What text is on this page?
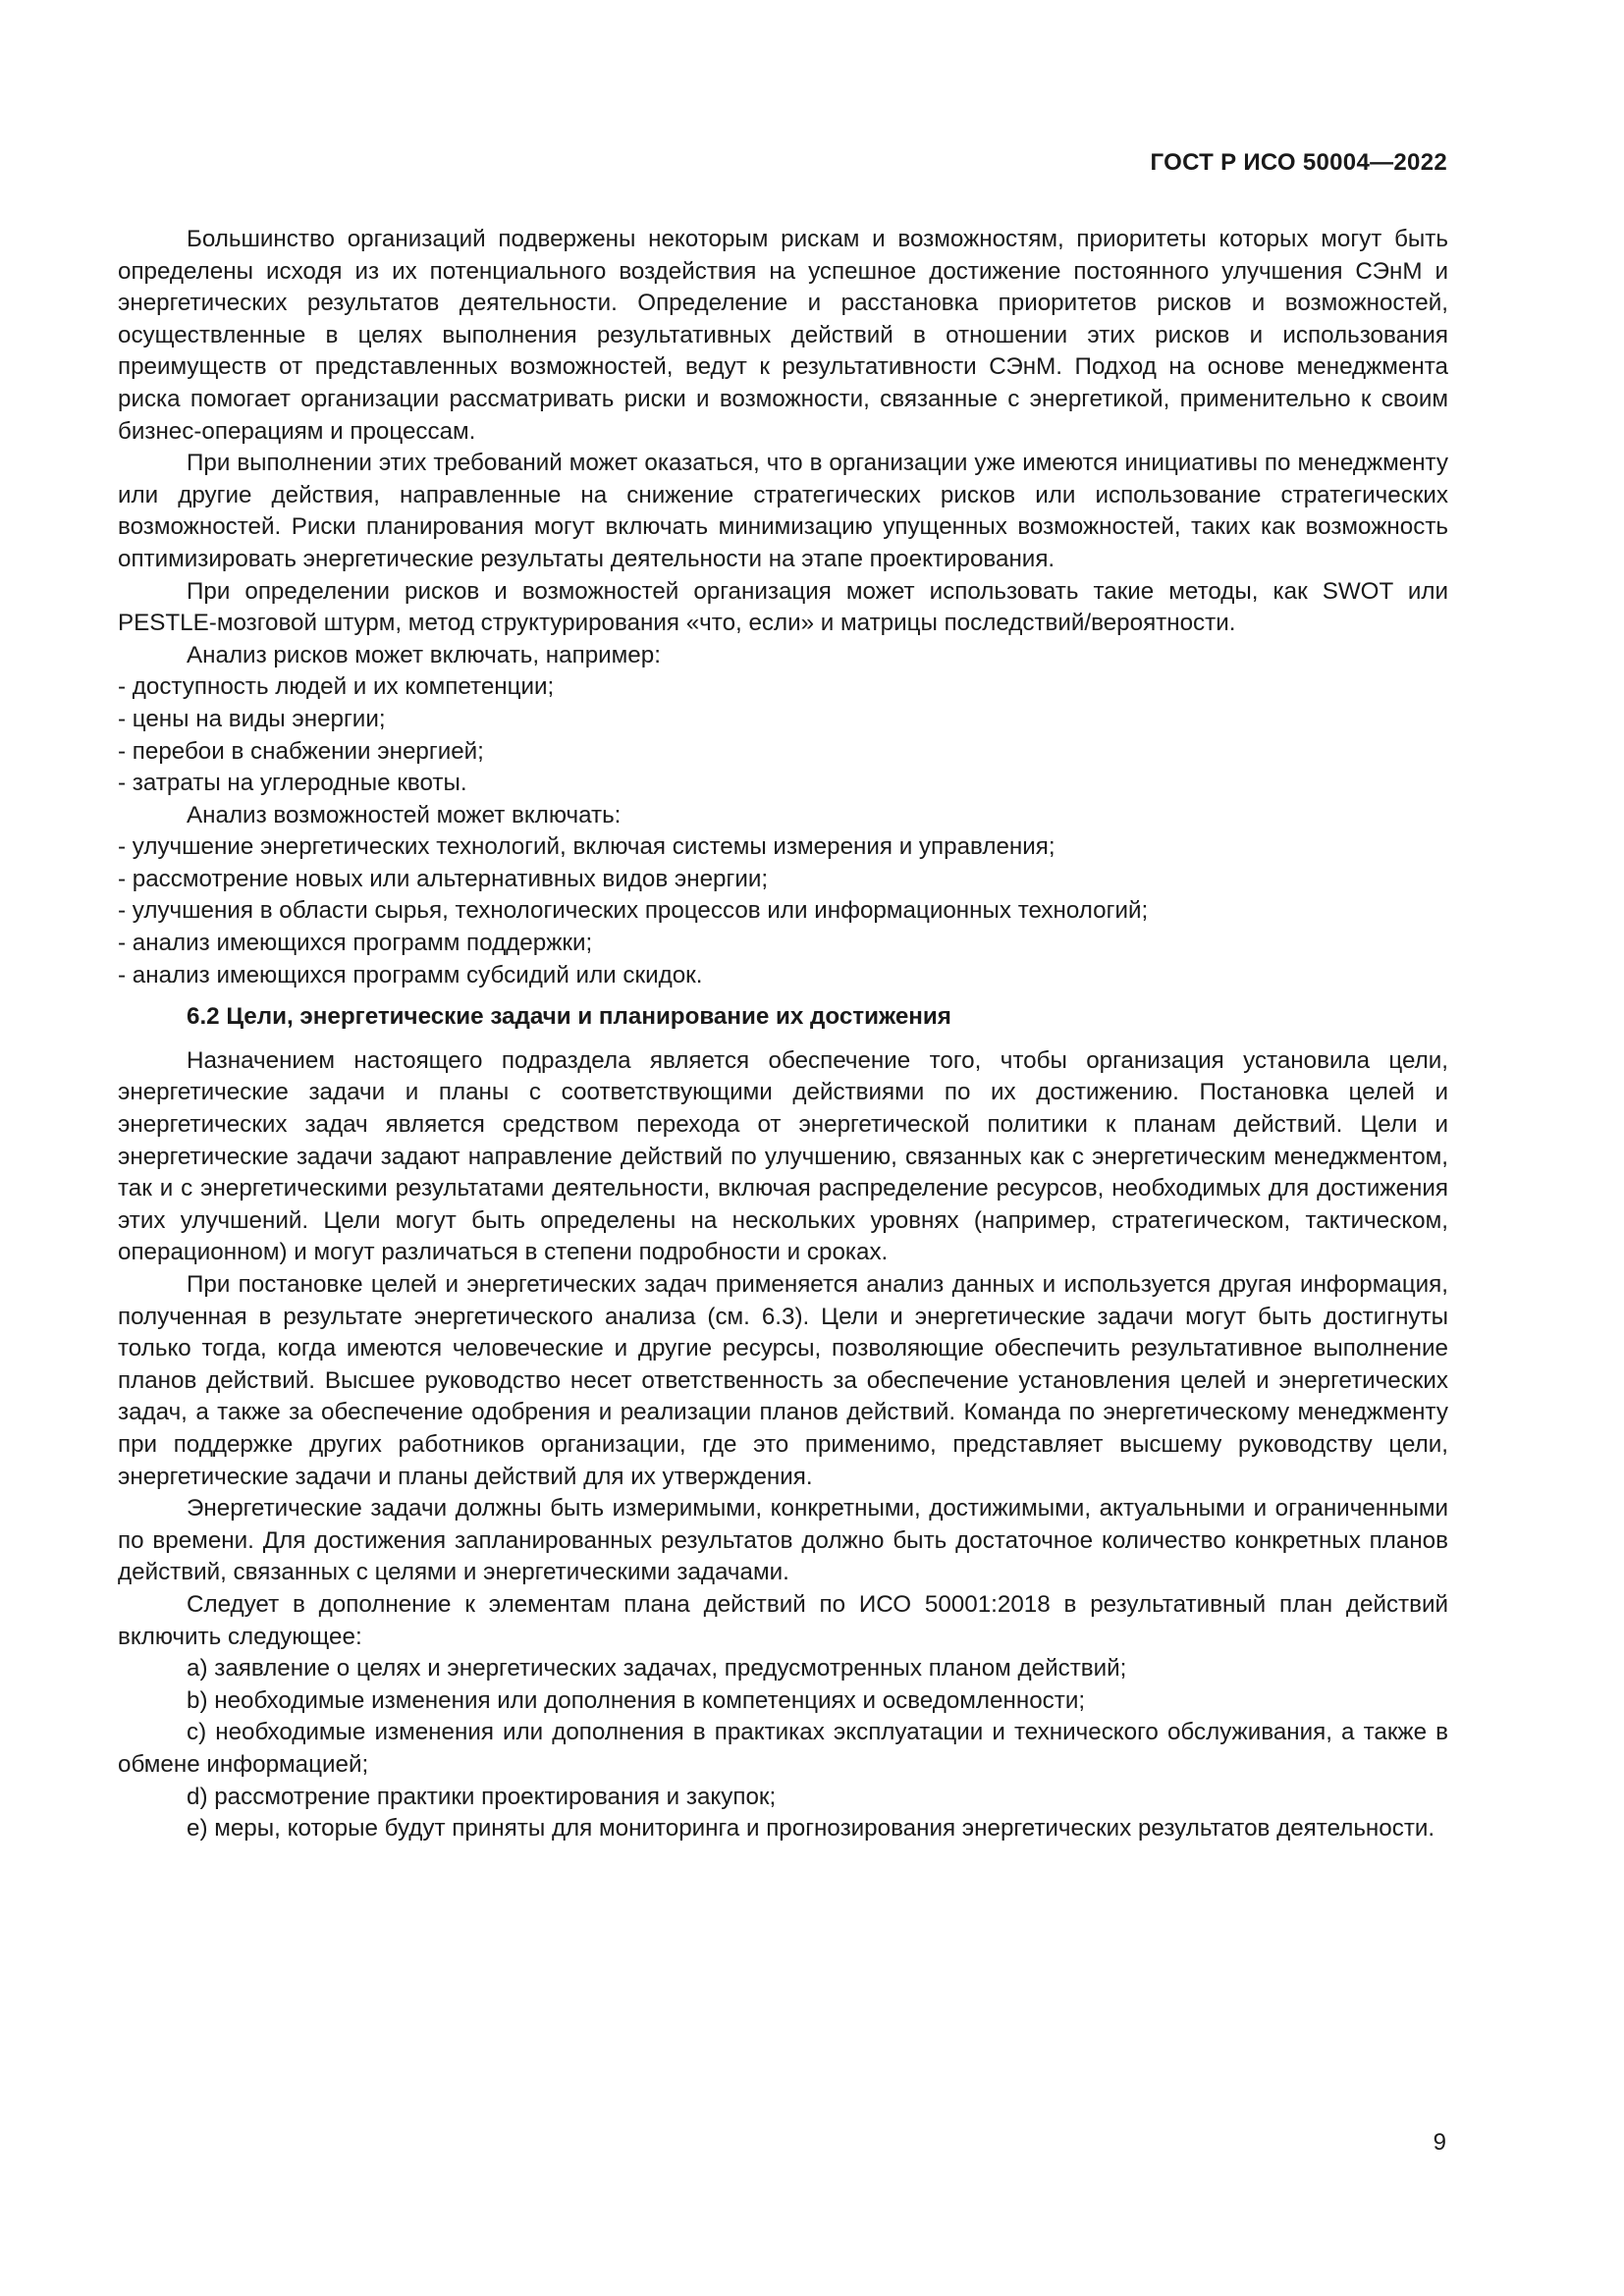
ГОСТ Р ИСО 50004—2022

Большинство организаций подвержены некоторым рискам и возможностям, приоритеты которых могут быть определены исходя из их потенциального воздействия на успешное достижение постоянного улучшения СЭнМ и энергетических результатов деятельности. Определение и расстановка приоритетов рисков и возможностей, осуществленные в целях выполнения результативных действий в отношении этих рисков и использования преимуществ от представленных возможностей, ведут к результативности СЭнМ. Подход на основе менеджмента риска помогает организации рассматривать риски и возможности, связанные с энергетикой, применительно к своим бизнес-операциям и процессам.

При выполнении этих требований может оказаться, что в организации уже имеются инициативы по менеджменту или другие действия, направленные на снижение стратегических рисков или использование стратегических возможностей. Риски планирования могут включать минимизацию упущенных возможностей, таких как возможность оптимизировать энергетические результаты деятельности на этапе проектирования.

При определении рисков и возможностей организация может использовать такие методы, как SWOT или PESTLE-мозговой штурм, метод структурирования «что, если» и матрицы последствий/вероятности.

Анализ рисков может включать, например:

- доступность людей и их компетенции;

- цены на виды энергии;

- перебои в снабжении энергией;

- затраты на углеродные квоты.

Анализ возможностей может включать:

- улучшение энергетических технологий, включая системы измерения и управления;

- рассмотрение новых или альтернативных видов энергии;

- улучшения в области сырья, технологических процессов или информационных технологий;

- анализ имеющихся программ поддержки;

- анализ имеющихся программ субсидий или скидок.

6.2 Цели, энергетические задачи и планирование их достижения

Назначением настоящего подраздела является обеспечение того, чтобы организация установила цели, энергетические задачи и планы с соответствующими действиями по их достижению. Постановка целей и энергетических задач является средством перехода от энергетической политики к планам действий. Цели и энергетические задачи задают направление действий по улучшению, связанных как с энергетическим менеджментом, так и с энергетическими результатами деятельности, включая распределение ресурсов, необходимых для достижения этих улучшений. Цели могут быть определены на нескольких уровнях (например, стратегическом, тактическом, операционном) и могут различаться в степени подробности и сроках.

При постановке целей и энергетических задач применяется анализ данных и используется другая информация, полученная в результате энергетического анализа (см. 6.3). Цели и энергетические задачи могут быть достигнуты только тогда, когда имеются человеческие и другие ресурсы, позволяющие обеспечить результативное выполнение планов действий. Высшее руководство несет ответственность за обеспечение установления целей и энергетических задач, а также за обеспечение одобрения и реализации планов действий. Команда по энергетическому менеджменту при поддержке других работников организации, где это применимо, представляет высшему руководству цели, энергетические задачи и планы действий для их утверждения.

Энергетические задачи должны быть измеримыми, конкретными, достижимыми, актуальными и ограниченными по времени. Для достижения запланированных результатов должно быть достаточное количество конкретных планов действий, связанных с целями и энергетическими задачами.

Следует в дополнение к элементам плана действий по ИСО 50001:2018 в результативный план действий включить следующее:

a) заявление о целях и энергетических задачах, предусмотренных планом действий;

b) необходимые изменения или дополнения в компетенциях и осведомленности;

c) необходимые изменения или дополнения в практиках эксплуатации и технического обслуживания, а также в обмене информацией;

d) рассмотрение практики проектирования и закупок;

e) меры, которые будут приняты для мониторинга и прогнозирования энергетических результатов деятельности.

9
